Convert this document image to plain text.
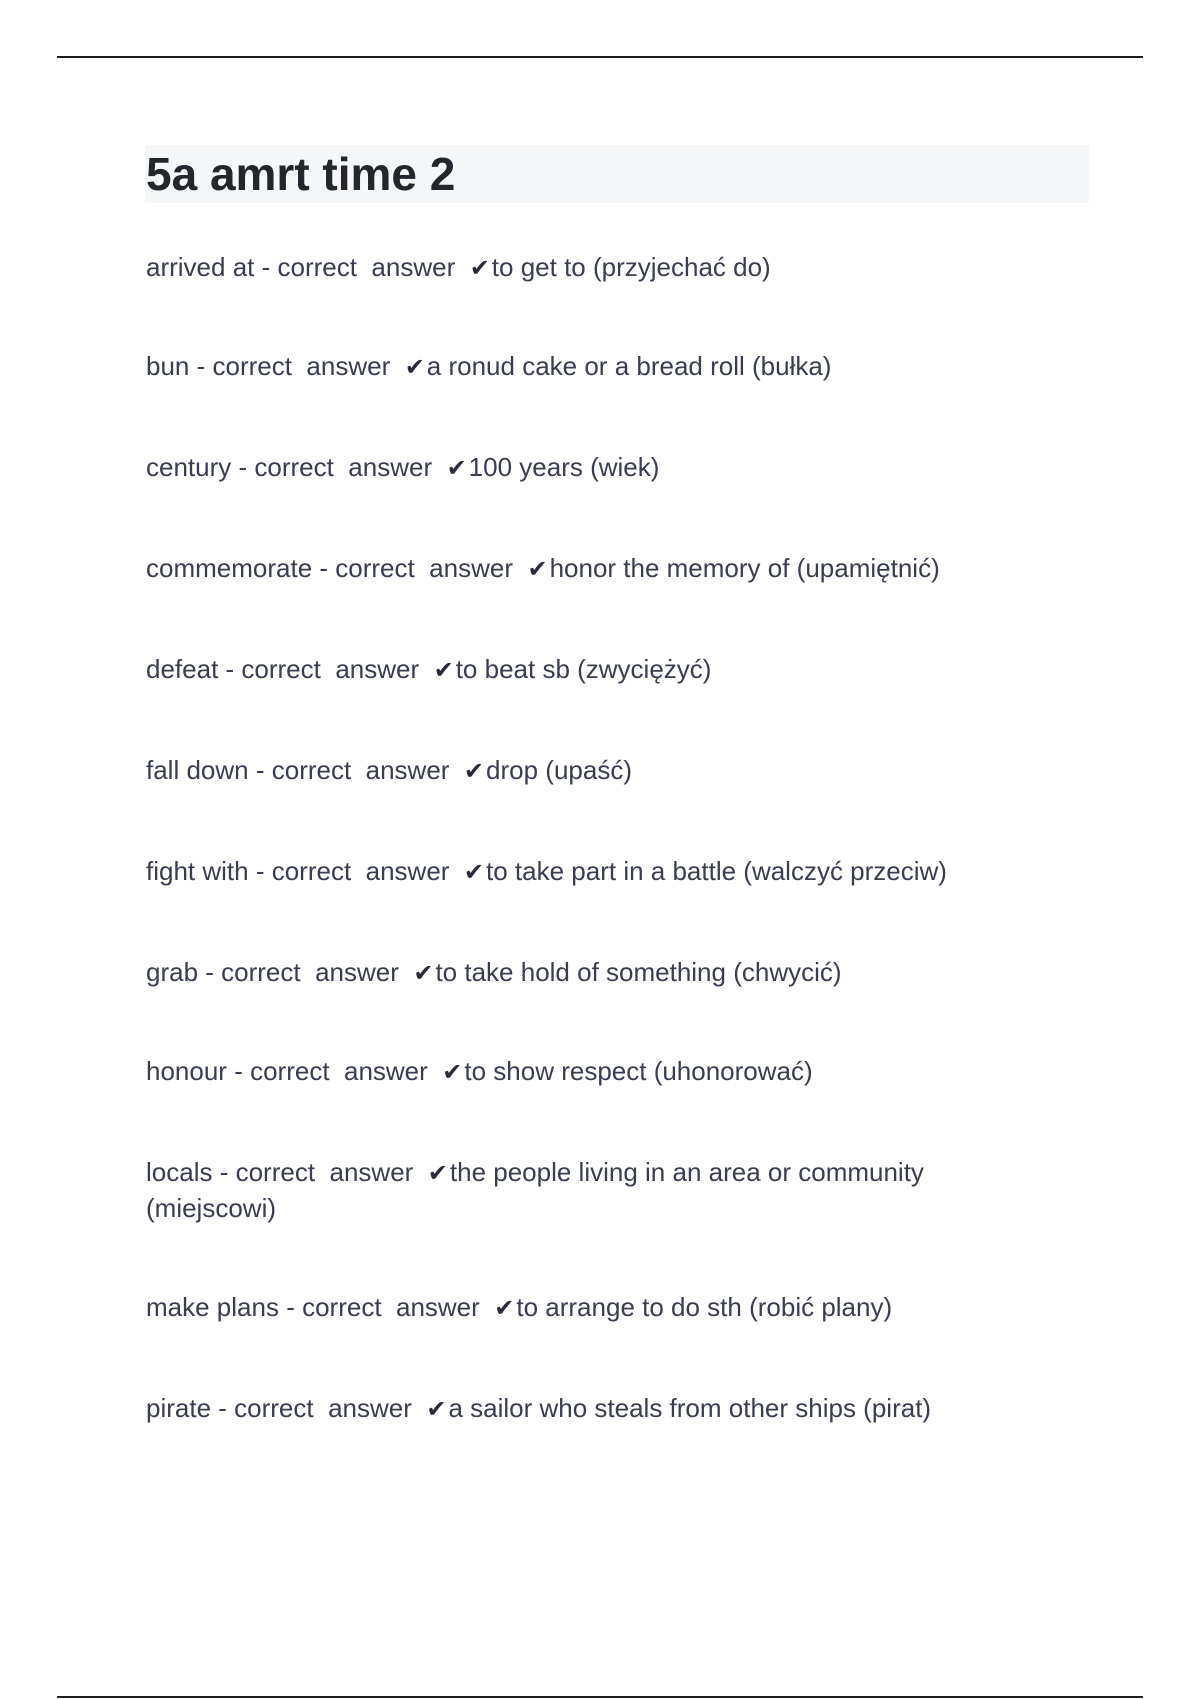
5a amrt time 2
arrived at - correct  answer ✔to get to (przyjechać do)
bun - correct  answer ✔a ronud cake or a bread roll (bułka)
century - correct  answer ✔100 years (wiek)
commemorate - correct  answer ✔honor the memory of (upamiętnić)
defeat - correct  answer ✔to beat sb (zwyciężyć)
fall down - correct  answer ✔drop (upaść)
fight with - correct  answer ✔to take part in a battle (walczyć przeciw)
grab - correct  answer ✔to take hold of something (chwycić)
honour - correct  answer ✔to show respect (uhonorować)
locals - correct  answer ✔the people living in an area or community (miejscowi)
make plans - correct  answer ✔to arrange to do sth (robić plany)
pirate - correct  answer ✔a sailor who steals from other ships (pirat)
